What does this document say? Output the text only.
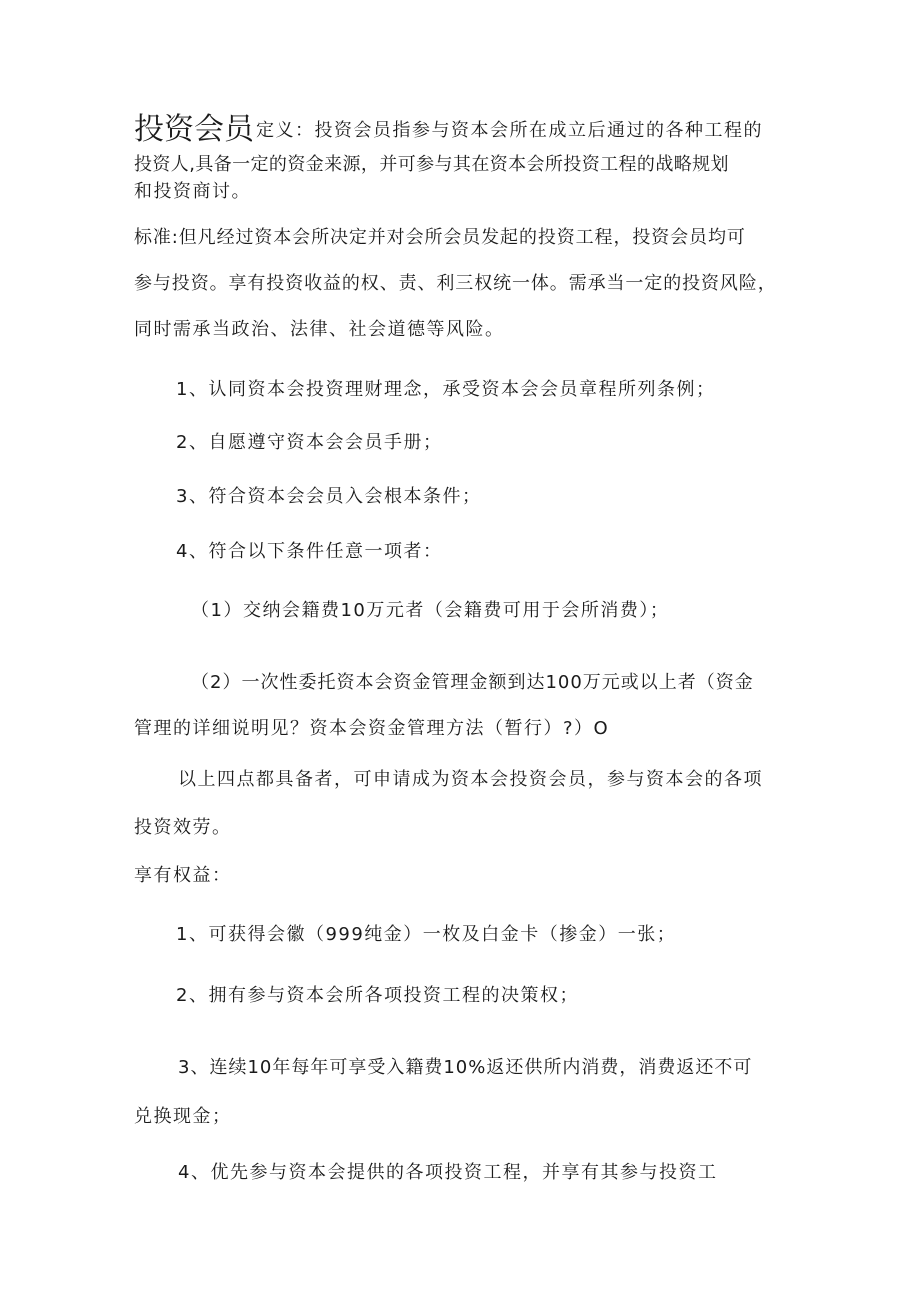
投资会员 定义：投资会员指参与资本会所在成立后通过的各种工程的
投资人,具备一定的资金来源，并可参与其在资本会所投资工程的战略规划
和投资商讨。
标准:但凡经过资本会所决定并对会所会员发起的投资工程，投资会员均可
参与投资。享有投资收益的权、责、利三权统一体。需承当一定的投资风险，
同时需承当政治、法律、社会道德等风险。
1、认同资本会投资理财理念，承受资本会会员章程所列条例；
2、自愿遵守资本会会员手册；
3、符合资本会会员入会根本条件；
4、符合以下条件任意一项者：
（1）交纳会籍费10万元者（会籍费可用于会所消费）；
（2）一次性委托资本会资金管理金额到达100万元或以上者（资金
管理的详细说明见？资本会资金管理方法（暂行）?）O
以上四点都具备者，可申请成为资本会投资会员，参与资本会的各项
投资效劳。
享有权益：
1、可获得会徽（999纯金）一枚及白金卡（掺金）一张；
2、拥有参与资本会所各项投资工程的决策权；
3、连续10年每年可享受入籍费10%返还供所内消费，消费返还不可
兑换现金；
4、优先参与资本会提供的各项投资工程，并享有其参与投资工
